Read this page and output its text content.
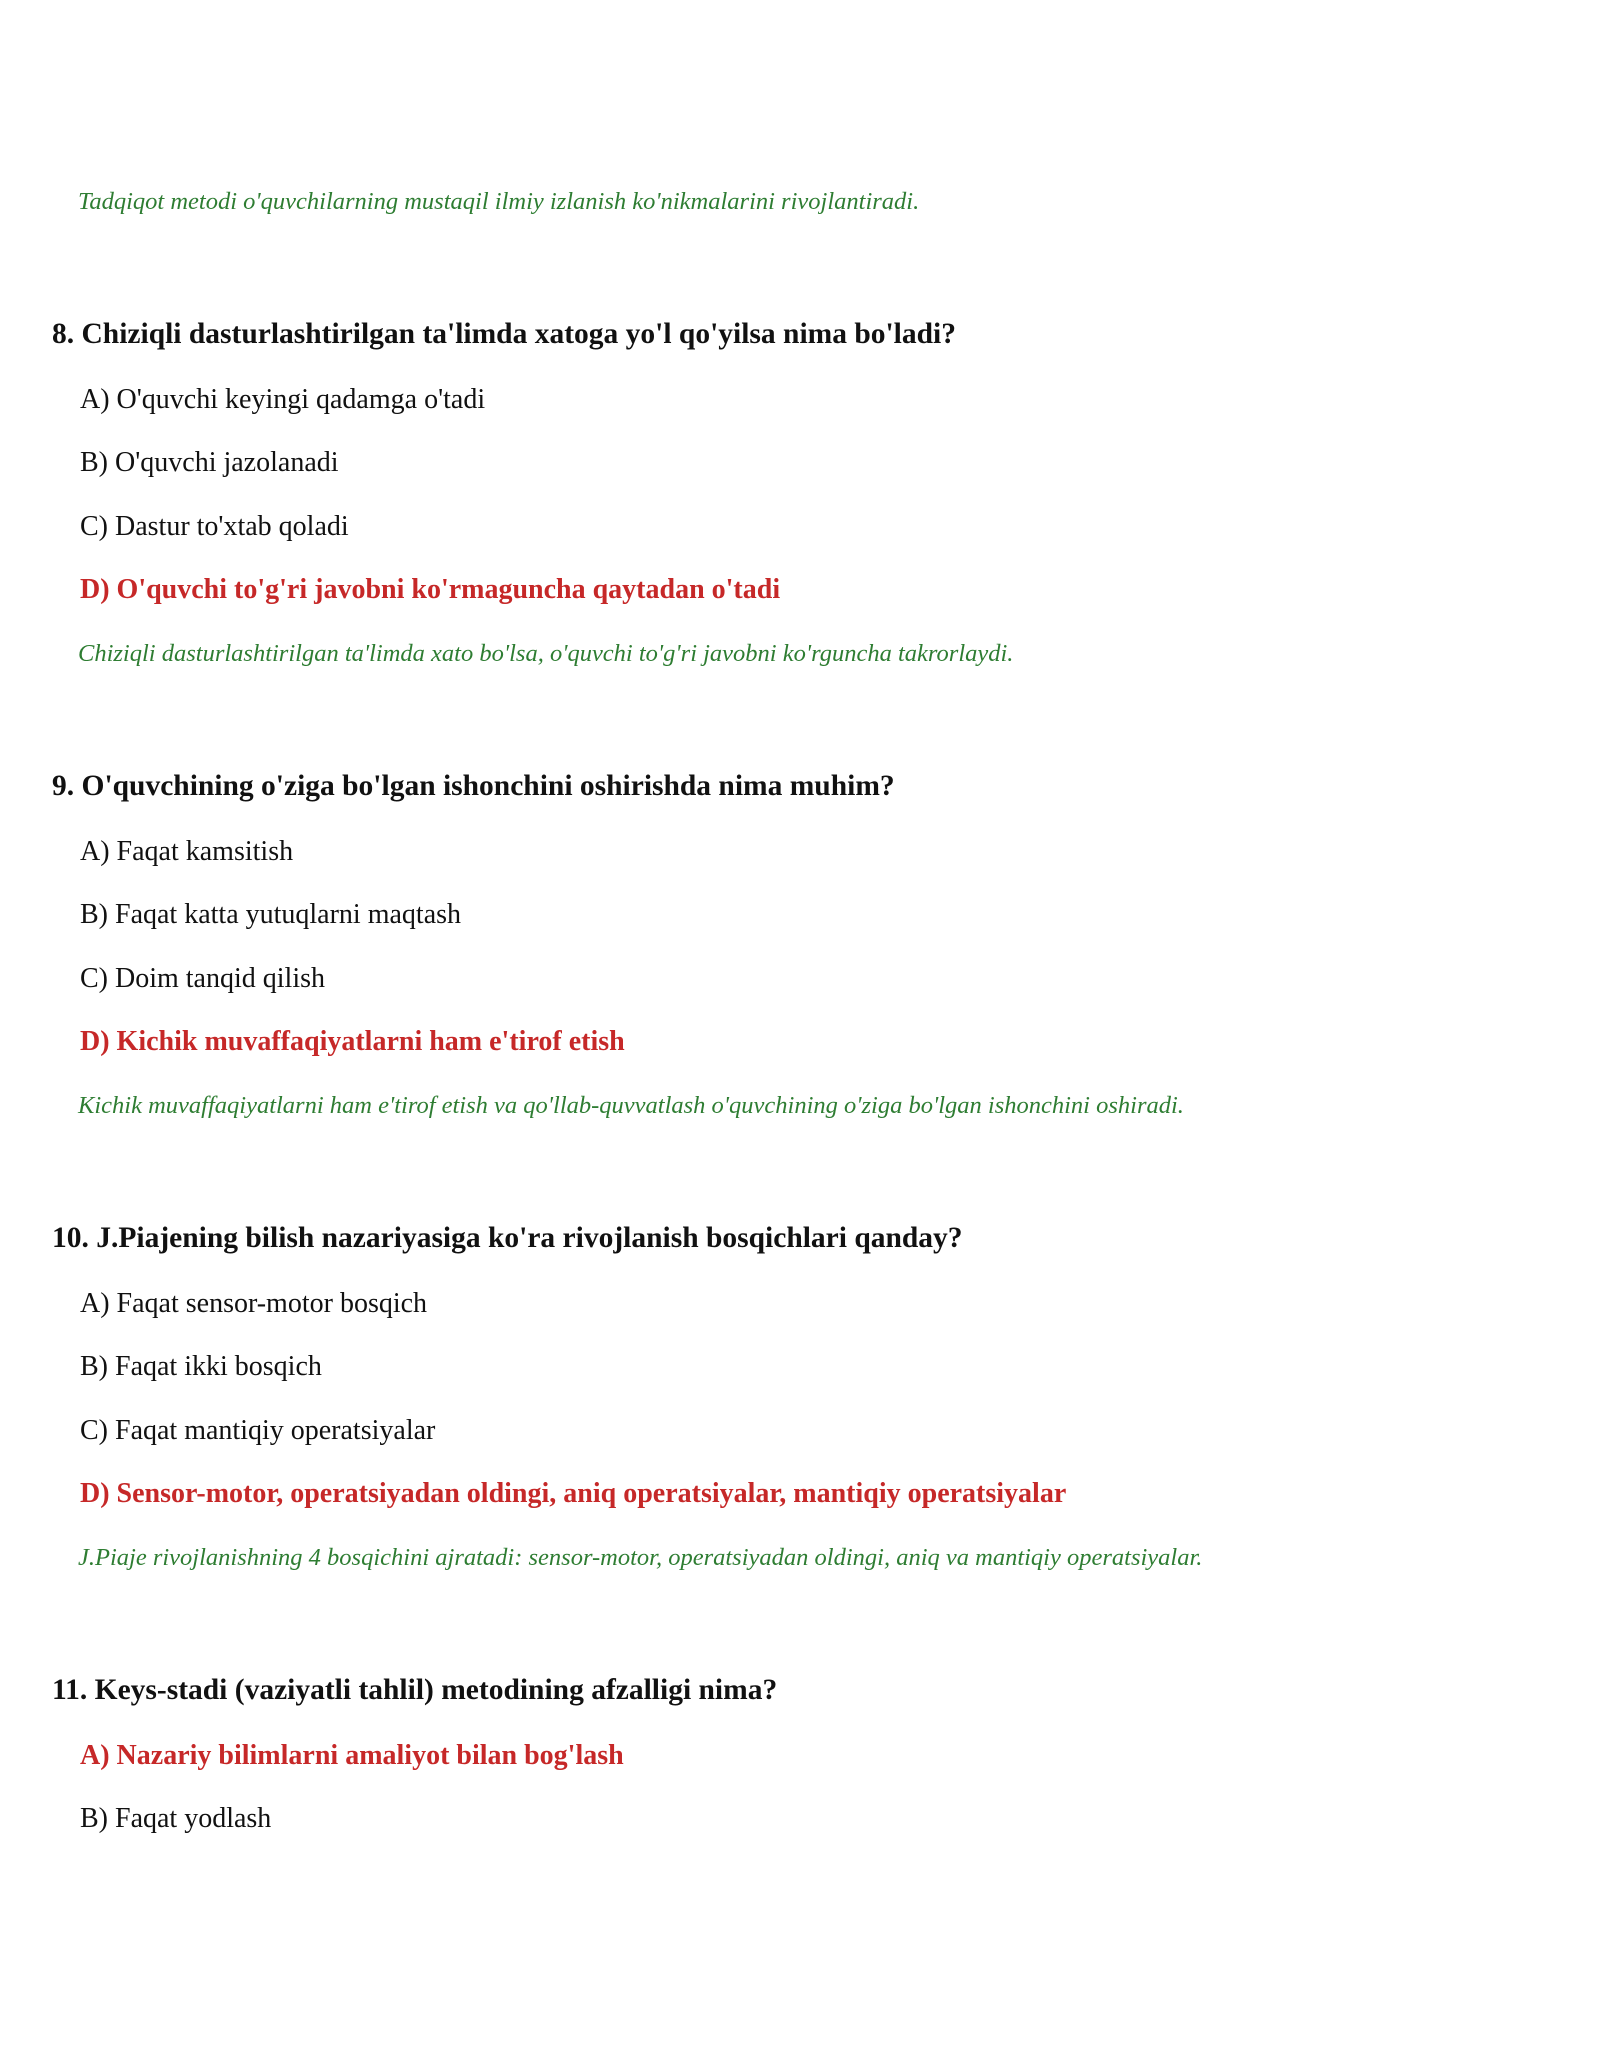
Tadqiqot metodi o'quvchilarning mustaqil ilmiy izlanish ko'nikmalarini rivojlantiradi.
8. Chiziqli dasturlashtirilgan ta'limda xatoga yo'l qo'yilsa nima bo'ladi?
A) O'quvchi keyingi qadamga o'tadi
B) O'quvchi jazolanadi
C) Dastur to'xtab qoladi
D) O'quvchi to'g'ri javobni ko'rmaguncha qaytadan o'tadi
Chiziqli dasturlashtirilgan ta'limda xato bo'lsa, o'quvchi to'g'ri javobni ko'rguncha takrorlaydi.
9. O'quvchining o'ziga bo'lgan ishonchini oshirishda nima muhim?
A) Faqat kamsitish
B) Faqat katta yutuqlarni maqtash
C) Doim tanqid qilish
D) Kichik muvaffaqiyatlarni ham e'tirof etish
Kichik muvaffaqiyatlarni ham e'tirof etish va qo'llab-quvvatlash o'quvchining o'ziga bo'lgan ishonchini oshiradi.
10. J.Piajening bilish nazariyasiga ko'ra rivojlanish bosqichlari qanday?
A) Faqat sensor-motor bosqich
B) Faqat ikki bosqich
C) Faqat mantiqiy operatsiyalar
D) Sensor-motor, operatsiyadan oldingi, aniq operatsiyalar, mantiqiy operatsiyalar
J.Piaje rivojlanishning 4 bosqichini ajratadi: sensor-motor, operatsiyadan oldingi, aniq va mantiqiy operatsiyalar.
11. Keys-stadi (vaziyatli tahlil) metodining afzalligi nima?
A) Nazariy bilimlarni amaliyot bilan bog'lash
B) Faqat yodlash
